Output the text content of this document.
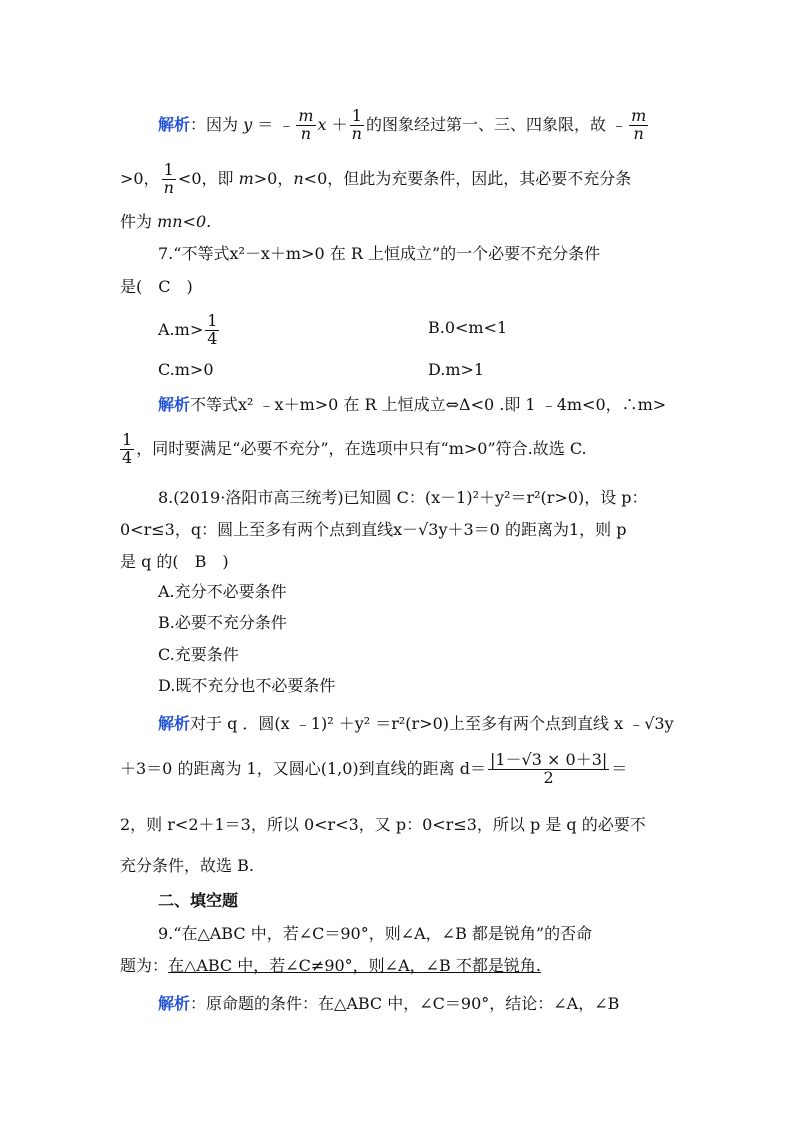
解析：因为 y ＝ ﹣ $\frac{m}{n}$ $x + \frac{1}{n}$ 的图象经过第一、三、四象限，故 ﹣ $\frac{m}{n}$
>0， $\frac{1}{n} <0$，即 m>0，n<0，但此为充要条件，因此，其必要不充分条
件为 mn<0.
7.“不等式x²－x＋m>0 在 R 上恒成立”的一个必要不充分条件
是(　C　)
$A.m> \frac{1}{4}$	B.0<m<1
C.m>0	D.m>1
解析不等式x² ﹣x＋m>0 在 R 上恒成立⇔Δ<0 .即 1 ﹣4m<0，∴m>
$\frac{1}{4}$ ，同时要满足“必要不充分”，在选项中只有“m>0”符合.故选 C.
8.(2019·洛阳市高三统考)已知圆 C：(x－1)²＋y²＝r²(r>0)，设 p：
0<r≤3，q：圆上至多有两个点到直线x－√3y＋3＝0 的距离为1，则 p
是 q 的(　B　)
A.充分不必要条件
B.必要不充分条件
C.充要条件
D.既不充分也不必要条件
解析对于 q ．圆(x ﹣1)² ＋y² ＝r²(r>0)上至多有两个点到直线 x ﹣√3y
＋3＝0 的距离为 1，又圆心(1,0)到直线的距离 $d= \frac{|1-√3 \times 0+3|}{2}$ ＝
2，则 r<2＋1＝3，所以 0<r<3，又 p：0<r≤3，所以 p 是 q 的必要不
充分条件，故选 B.
二、填空题
9.“在△ABC 中，若∠C＝90°，则∠A，∠B 都是锐角”的否命
题为：在△ABC 中，若∠C≠90°，则∠A，∠B 不都是锐角.
解析：原命题的条件：在△ABC 中，∠C＝90°，结论：∠A，∠B
